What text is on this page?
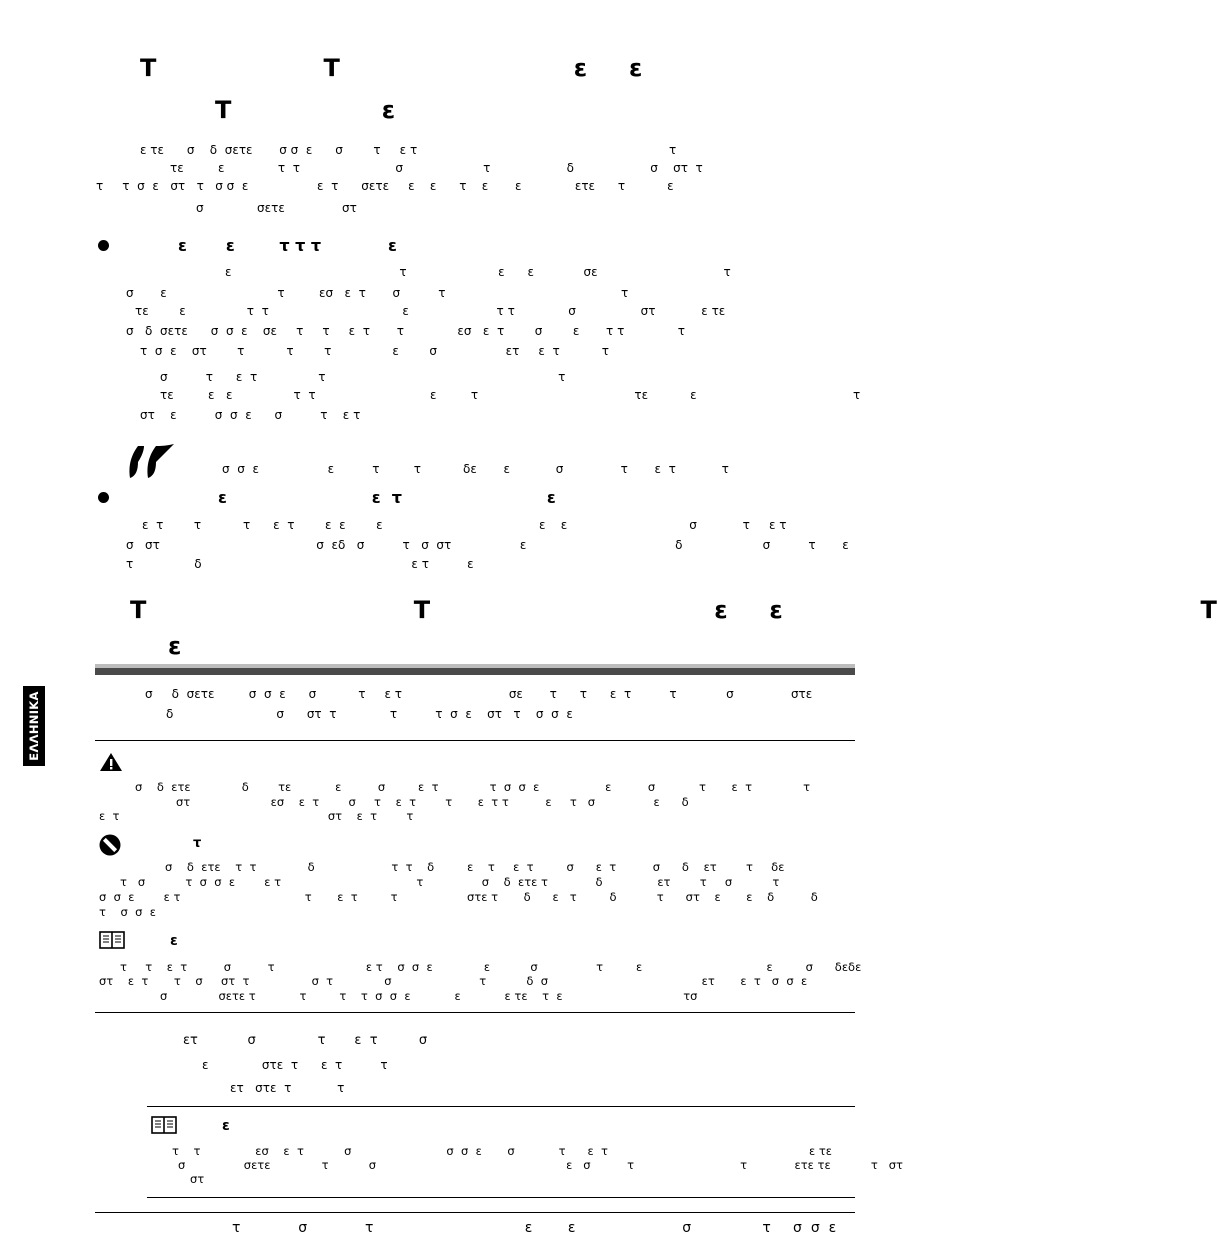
Τ                    Τ                            ε     ε
Τ                  ε
ε τε      σ    δ  σετε       σ σ  ε      σ        τ     ε τ                                                                  τ
τε         ε              τ  τ                         σ                     τ                    δ                    σ    στ  τ
τ     τ  σ  ε   στ   τ   σ σ  ε                  ε  τ      σετε     ε    ε      τ    ε       ε              ετε      τ           ε
σ              σετε               στ
ε       ε        τ τ τ            ε
ε                                            τ                        ε      ε             σε                                 τ
σ       ε                             τ         εσ   ε  τ       σ          τ                                              τ
τε        ε                τ  τ                                   ε                       τ τ              σ                 στ            ε τε
σ   δ  σετε      σ  σ  ε    σε     τ     τ     ε  τ       τ              εσ   ε  τ        σ        ε       τ τ              τ
τ  σ  ε    στ        τ           τ        τ                ε        σ                  ετ     ε  τ           τ
σ          τ      ε  τ                τ                                                             τ
τε         ε   ε                τ  τ                              ε         τ                                         τε           ε                                         τ
στ    ε          σ  σ  ε      σ          τ    ε τ
σ  σ  ε                  ε          τ         τ           δε       ε            σ               τ       ε  τ            τ
ε                          ε  τ                          ε
ε  τ        τ           τ      ε  τ        ε  ε        ε                                         ε    ε                                σ            τ     ε τ
σ   στ                                         σ  εδ   σ          τ   σ  στ                  ε                                       δ                     σ          τ       ε
τ                δ                                                       ε τ          ε
Τ                                Τ                                  ε     ε                                                  Τ
ε
ΕΛΛΗΝΙΚΑ	σ     δ  σετε         σ  σ  ε      σ           τ     ε τ                            σε       τ      τ      ε  τ          τ             σ               στε
δ                           σ      στ  τ              τ          τ  σ  ε    στ   τ    σ  σ  ε
σ    δ  ετε              δ        τε            ε          σ         ε  τ              τ  σ  σ  ε                  ε          σ            τ       ε  τ              τ
στ                      εσ    ε  τ        σ     τ    ε  τ        τ       ε  τ τ          ε     τ   σ                ε      δ
ε  τ                                                         στ    ε  τ        τ
τ
σ    δ  ετε    τ  τ              δ                     τ  τ    δ         ε    τ     ε  τ         σ      ε  τ          σ      δ    ετ        τ     δε
τ   σ           τ  σ  σ  ε        ε τ                                     τ                σ    δ  ετε τ             δ               ετ        τ     σ           τ
σ  σ  ε        ε τ                                  τ       ε  τ         τ                   στε τ       δ      ε   τ         δ           τ      στ    ε       ε    δ          δ
τ    σ  σ  ε
ε
τ     τ    ε  τ          σ          τ                         ε τ    σ  σ  ε              ε           σ                τ         ε                                  ε         σ      δεδε
στ    ε  τ       τ    σ     στ  τ                 σ  τ              σ                        τ           δ  σ                                          ετ       ε  τ   σ  σ  ε
σ              σετε τ            τ         τ    τ  σ  σ  ε            ε            ε τε    τ  ε                                 τσ
ετ            σ               τ       ε  τ          σ
ε              στε  τ      ε  τ          τ
ετ   στε  τ            τ
ε
τ    τ               εσ    ε  τ           σ                          σ  σ  ε       σ            τ      ε  τ                                                       ε τε
σ                σετε              τ           σ                                                    ε   σ          τ                             τ             ετε τε           τ   στ
στ
τ             σ             τ                                  ε        ε                        σ                τ     σ  σ  ε
